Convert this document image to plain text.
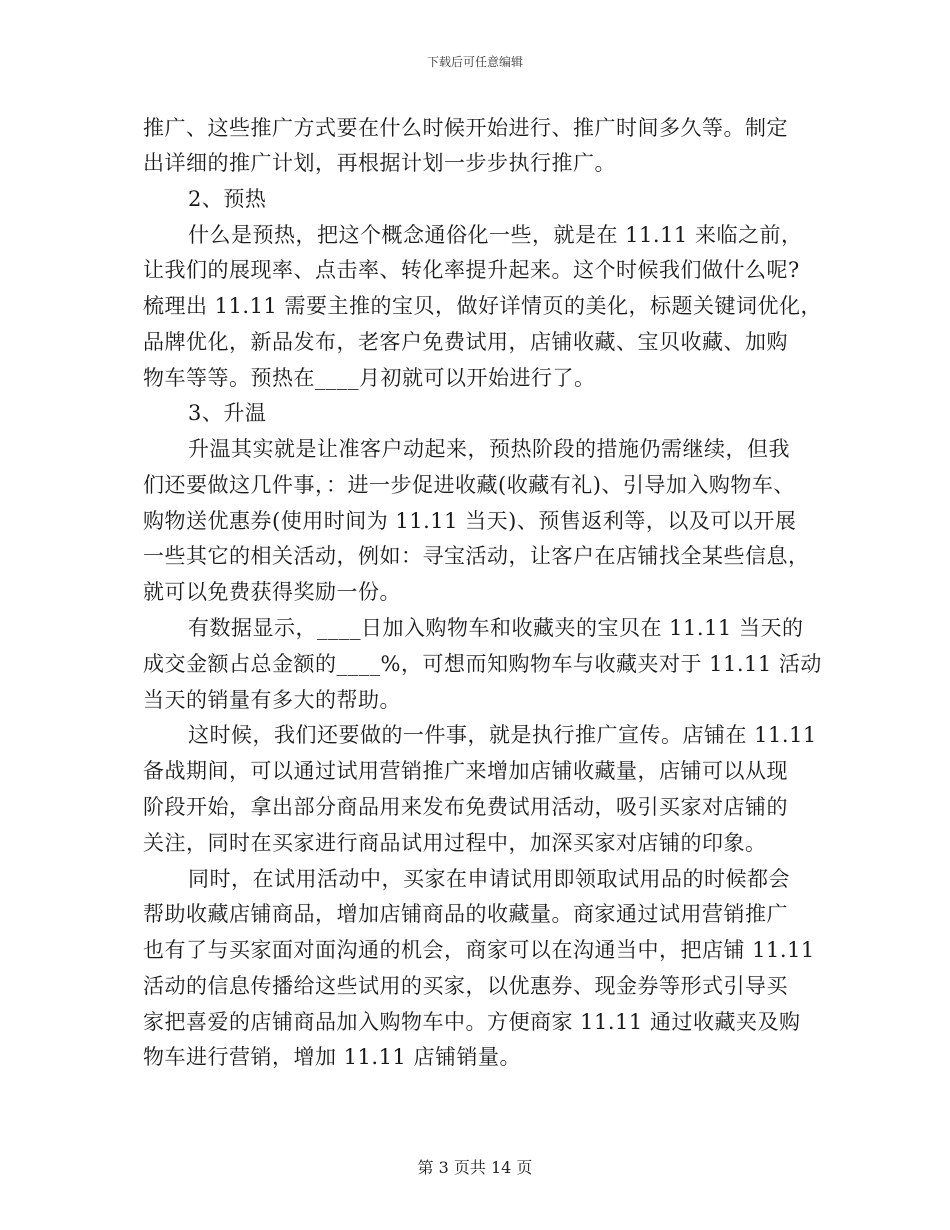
下载后可任意编辑
推广、这些推广方式要在什么时候开始进行、推广时间多久等。制定
出详细的推广计划，再根据计划一步步执行推广。
2、预热
什么是预热，把这个概念通俗化一些，就是在 11.11 来临之前，
让我们的展现率、点击率、转化率提升起来。这个时候我们做什么呢?
梳理出 11.11 需要主推的宝贝，做好详情页的美化，标题关键词优化，
品牌优化，新品发布，老客户免费试用，店铺收藏、宝贝收藏、加购
物车等等。预热在____月初就可以开始进行了。
3、升温
升温其实就是让准客户动起来，预热阶段的措施仍需继续，但我
们还要做这几件事，：进一步促进收藏(收藏有礼)、引导加入购物车、
购物送优惠券(使用时间为 11.11 当天)、预售返利等，以及可以开展
一些其它的相关活动，例如：寻宝活动，让客户在店铺找全某些信息，
就可以免费获得奖励一份。
有数据显示，____日加入购物车和收藏夹的宝贝在 11.11 当天的
成交金额占总金额的____%，可想而知购物车与收藏夹对于 11.11 活动
当天的销量有多大的帮助。
这时候，我们还要做的一件事，就是执行推广宣传。店铺在 11.11
备战期间，可以通过试用营销推广来增加店铺收藏量，店铺可以从现
阶段开始，拿出部分商品用来发布免费试用活动，吸引买家对店铺的
关注，同时在买家进行商品试用过程中，加深买家对店铺的印象。
同时，在试用活动中，买家在申请试用即领取试用品的时候都会
帮助收藏店铺商品，增加店铺商品的收藏量。商家通过试用营销推广
也有了与买家面对面沟通的机会，商家可以在沟通当中，把店铺 11.11
活动的信息传播给这些试用的买家，以优惠券、现金券等形式引导买
家把喜爱的店铺商品加入购物车中。方便商家 11.11 通过收藏夹及购
物车进行营销，增加 11.11 店铺销量。
第 3 页共 14 页
